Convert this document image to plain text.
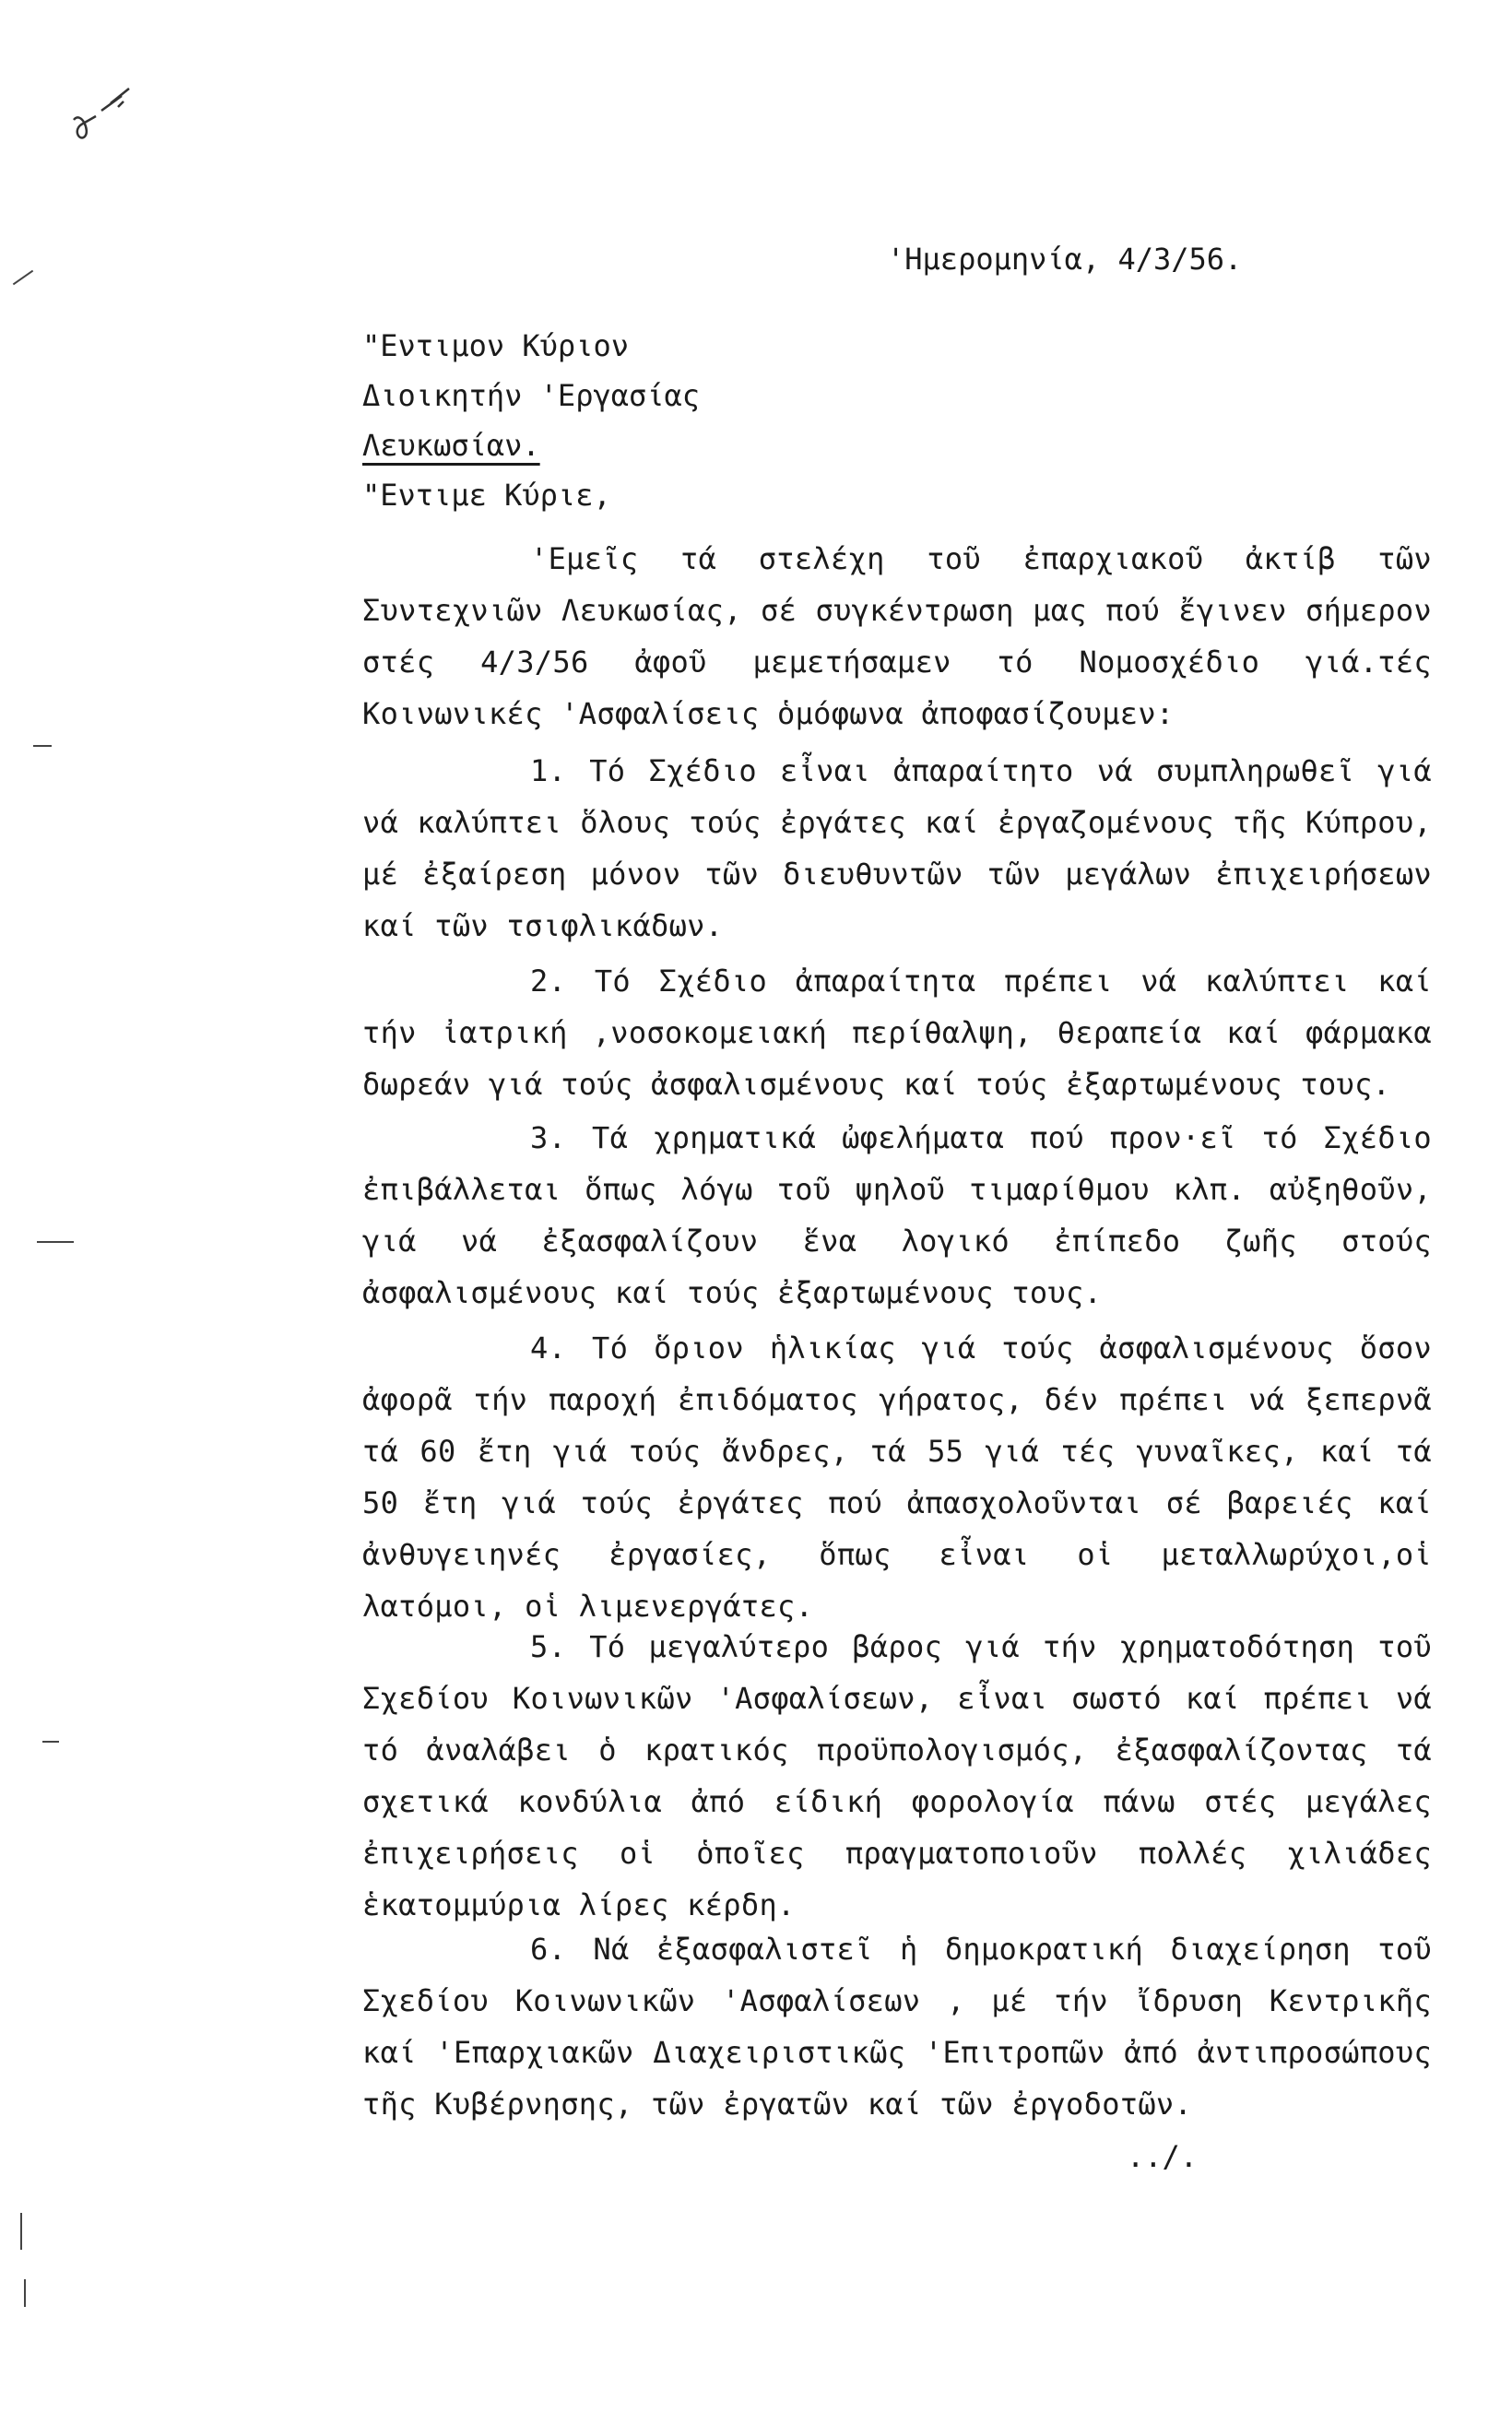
'Ημερομηνία, 4/3/56.
"Εντιμον Κύριον
Διοικητήν 'Εργασίας
Λευκωσίαν.
"Εντιμε Κύριε,

'Εμεῖς τά στελέχη τοῦ ἐπαρχιακοῦ ἀκτίβ τῶν Συντεχνιῶν Λευκωσίας, σέ συγκέντρωση μας πού ἔγινεν σήμερον στές 4/3/56 ἀφοῦ μεμετήσαμεν τό Νομοσχέδιο γιά.τές Κοινωνικές 'Ασφαλίσεις ὁμόφωνα ἀποφασίζουμεν:

1. Τό Σχέδιο εἶναι ἀπαραίτητο νά συμπληρωθεῖ γιά νά καλύπτει ὅλους τούς ἐργάτες καί ἐργαζομένους τῆς Κύπρου, μέ ἐξαίρεση μόνον τῶν διευθυντῶν τῶν μεγάλων ἐπιχειρήσεων καί τῶν τσιφλικάδων.

2. Τό Σχέδιο ἀπαραίτητα πρέπει νά καλύπτει καί τήν ἰατρική ,νοσοκομειακή περίθαλψη, θεραπεία καί φάρμακα δωρεάν γιά τούς ἀσφαλισμένους καί τούς ἐξαρτωμένους τους.

3. Τά χρηματικά ὠφελήματα πού προν·εῖ τό Σχέδιο ἐπιβάλλεται ὅπως λόγω τοῦ ψηλοῦ τιμαρίθμου κλπ. αὐξηθοῦν, γιά νά ἐξασφαλίζουν ἕνα λογικό ἐπίπεδο ζωῆς στούς ἀσφαλισμένους καί τούς ἐξαρτωμένους τους.

4. Τό ὅριον ἡλικίας γιά τούς ἀσφαλισμένους ὅσον ἀφορᾶ τήν παροχή ἐπιδόματος γήρατος, δέν πρέπει νά ξεπερνᾶ τά 60 ἔτη γιά τούς ἄνδρες, τά 55 γιά τές γυναῖκες, καί τά 50 ἔτη γιά τούς ἐργάτες πού ἀπασχολοῦνται σέ βαρειές καί ἀνθυγειηνές ἐργασίες, ὅπως εἶναι οἱ μεταλλωρύχοι,οἱ λατόμοι, οἱ λιμενεργάτες.

5. Τό μεγαλύτερο βάρος γιά τήν χρηματοδότηση τοῦ Σχεδίου Κοινωνικῶν 'Ασφαλίσεων, εἶναι σωστό καί πρέπει νά τό ἀναλάβει ὁ κρατικός προϋπολογισμός, ἐξασφαλίζοντας τά σχετικά κονδύλια ἀπό είδική φορολογία πάνω στές μεγάλες ἐπιχειρήσεις οἱ ὁποῖες πραγματοποιοῦν πολλές χιλιάδες ἑκατομμύρια λίρες κέρδη.

6. Νά ἐξασφαλιστεῖ ἡ δημοκρατική διαχείρηση τοῦ Σχεδίου Κοινωνικῶν 'Ασφαλίσεων , μέ τήν ἴδρυση Κεντρικῆς καί 'Επαρχιακῶν Διαχειριστικῶς 'Επιτροπῶν ἀπό ἀντιπροσώπους τῆς Κυβέρνησης, τῶν ἐργατῶν καί τῶν ἐργοδοτῶν.

../.
